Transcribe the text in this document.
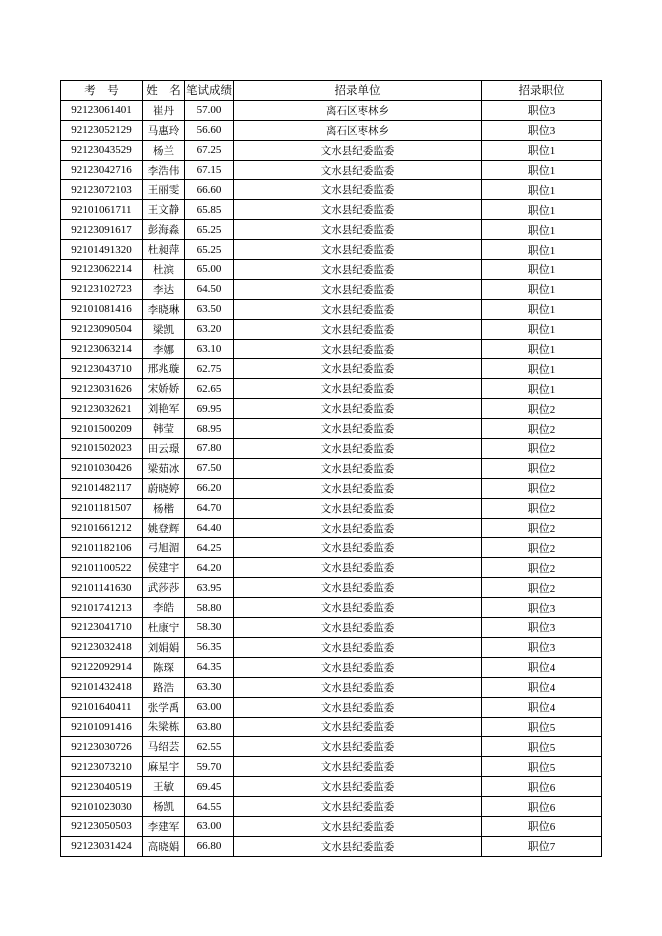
考　号	姓　名	笔试成绩	招录单位	招录职位
92123061401	崔丹	57.00	离石区枣林乡	职位3
92123052129	马惠玲	56.60	离石区枣林乡	职位3
92123043529	杨兰	67.25	文水县纪委监委	职位1
92123042716	李浩伟	67.15	文水县纪委监委	职位1
92123072103	王丽雯	66.60	文水县纪委监委	职位1
92101061711	王文静	65.85	文水县纪委监委	职位1
92123091617	彭海淼	65.25	文水县纪委监委	职位1
92101491320	杜昶萍	65.25	文水县纪委监委	职位1
92123062214	杜滨	65.00	文水县纪委监委	职位1
92123102723	李达	64.50	文水县纪委监委	职位1
92101081416	李晓琳	63.50	文水县纪委监委	职位1
92123090504	梁凯	63.20	文水县纪委监委	职位1
92123063214	李娜	63.10	文水县纪委监委	职位1
92123043710	邢兆璇	62.75	文水县纪委监委	职位1
92123031626	宋娇娇	62.65	文水县纪委监委	职位1
92123032621	刘艳军	69.95	文水县纪委监委	职位2
92101500209	韩莹	68.95	文水县纪委监委	职位2
92101502023	田云璟	67.80	文水县纪委监委	职位2
92101030426	梁茹冰	67.50	文水县纪委监委	职位2
92101482117	蔚晓婷	66.20	文水县纪委监委	职位2
92101181507	杨楷	64.70	文水县纪委监委	职位2
92101661212	姚登辉	64.40	文水县纪委监委	职位2
92101182106	弓旭湄	64.25	文水县纪委监委	职位2
92101100522	侯建宇	64.20	文水县纪委监委	职位2
92101141630	武莎莎	63.95	文水县纪委监委	职位2
92101741213	李皓	58.80	文水县纪委监委	职位3
92123041710	杜康宁	58.30	文水县纪委监委	职位3
92123032418	刘娟娟	56.35	文水县纪委监委	职位3
92122092914	陈琛	64.35	文水县纪委监委	职位4
92101432418	路浩	63.30	文水县纪委监委	职位4
92101640411	张学禹	63.00	文水县纪委监委	职位4
92101091416	朱梁栋	63.80	文水县纪委监委	职位5
92123030726	马绍芸	62.55	文水县纪委监委	职位5
92123073210	麻星宇	59.70	文水县纪委监委	职位5
92123040519	王敏	69.45	文水县纪委监委	职位6
92101023030	杨凯	64.55	文水县纪委监委	职位6
92123050503	李建军	63.00	文水县纪委监委	职位6
92123031424	高晓娟	66.80	文水县纪委监委	职位7
